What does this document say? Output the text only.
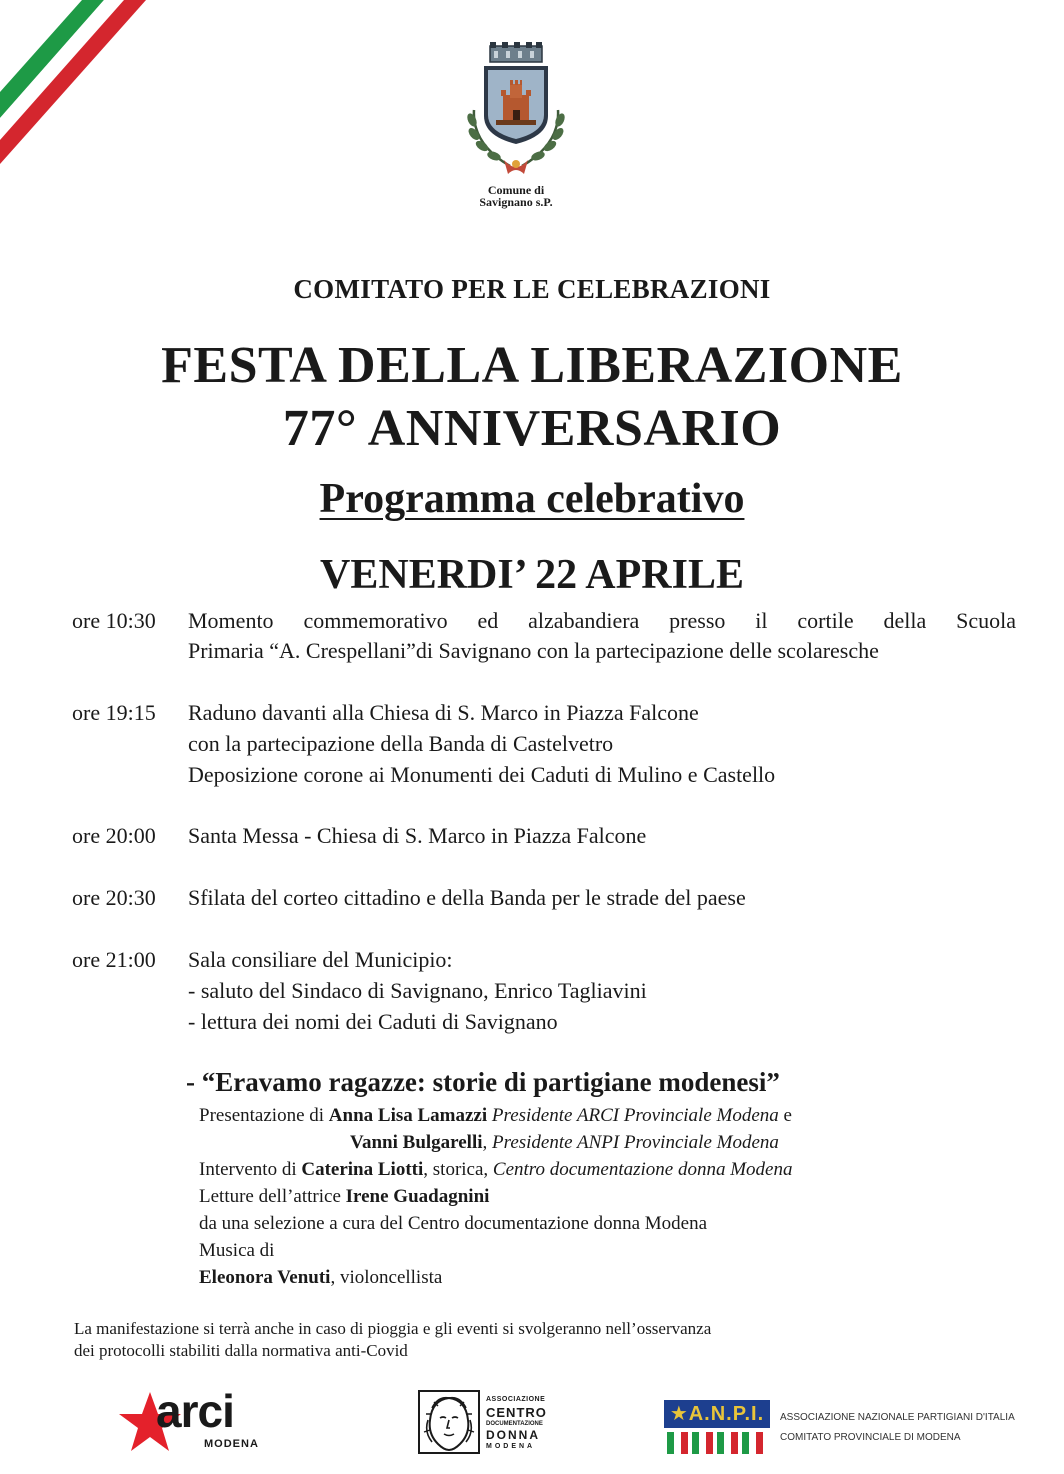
Comune di
Savignano s.P.
COMITATO PER LE CELEBRAZIONI
FESTA DELLA LIBERAZIONE
77° ANNIVERSARIO
Programma celebrativo
VENERDI’ 22 APRILE
ore 10:30 Momento commemorativo ed alzabandiera presso il cortile della Scuola
Primaria “A. Crespellani”di Savignano con la partecipazione delle scolaresche
ore 19:15 Raduno davanti alla Chiesa di S. Marco in Piazza Falcone
con la partecipazione della Banda di Castelvetro
Deposizione corone ai Monumenti dei Caduti di Mulino e Castello
ore 20:00 Santa Messa - Chiesa di S. Marco in Piazza Falcone
ore 20:30 Sfilata del corteo cittadino e della Banda per le strade del paese
ore 21:00 Sala consiliare del Municipio:
- saluto del Sindaco di Savignano, Enrico Tagliavini
- lettura dei nomi dei Caduti di Savignano
- “Eravamo ragazze: storie di partigiane modenesi”
Presentazione di Anna Lisa Lamazzi Presidente ARCI Provinciale Modena e
Vanni Bulgarelli, Presidente ANPI Provinciale Modena
Intervento di Caterina Liotti, storica, Centro documentazione donna Modena
Letture dell’attrice Irene Guadagnini
da una selezione a cura del Centro documentazione donna Modena
Musica di
Eleonora Venuti, violoncellista
La manifestazione si terrà anche in caso di pioggia e gli eventi si svolgeranno nell’osservanza
dei protocolli stabiliti dalla normativa anti-Covid
arci
MODENA
ASSOCIAZIONE
CENTRO
DOCUMENTAZIONE
DONNA
MODENA
★A.N.P.I.	ASSOCIAZIONE NAZIONALE PARTIGIANI D'ITALIA
COMITATO PROVINCIALE DI MODENA
